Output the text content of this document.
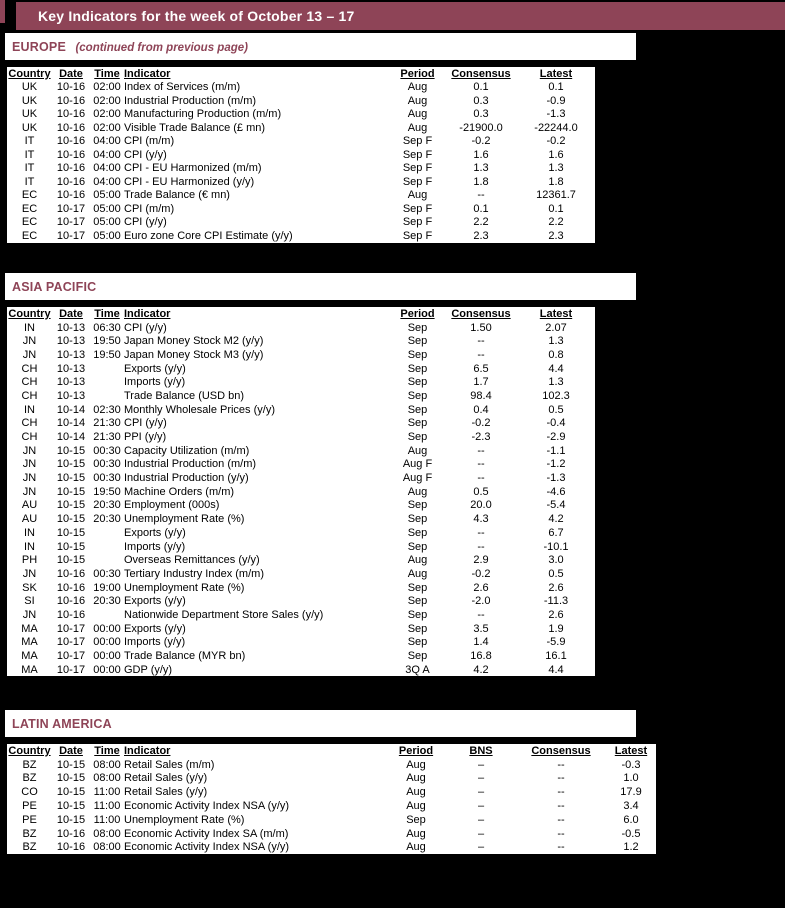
Key Indicators for the week of October 13 – 17
EUROPE (continued from previous page)
Country	Date	Time	Indicator	Period	Consensus	Latest
UK	10-16	02:00	Index of Services (m/m)	Aug	0.1	0.1
UK	10-16	02:00	Industrial Production (m/m)	Aug	0.3	-0.9
UK	10-16	02:00	Manufacturing Production (m/m)	Aug	0.3	-1.3
UK	10-16	02:00	Visible Trade Balance (£ mn)	Aug	-21900.0	-22244.0
IT	10-16	04:00	CPI (m/m)	Sep F	-0.2	-0.2
IT	10-16	04:00	CPI (y/y)	Sep F	1.6	1.6
IT	10-16	04:00	CPI - EU Harmonized (m/m)	Sep F	1.3	1.3
IT	10-16	04:00	CPI - EU Harmonized (y/y)	Sep F	1.8	1.8
EC	10-16	05:00	Trade Balance (€ mn)	Aug	--	12361.7
EC	10-17	05:00	CPI (m/m)	Sep F	0.1	0.1
EC	10-17	05:00	CPI (y/y)	Sep F	2.2	2.2
EC	10-17	05:00	Euro zone Core CPI Estimate (y/y)	Sep F	2.3	2.3
ASIA PACIFIC
Country	Date	Time	Indicator	Period	Consensus	Latest
IN	10-13	06:30	CPI (y/y)	Sep	1.50	2.07
JN	10-13	19:50	Japan Money Stock M2 (y/y)	Sep	--	1.3
JN	10-13	19:50	Japan Money Stock M3 (y/y)	Sep	--	0.8
CH	10-13		Exports (y/y)	Sep	6.5	4.4
CH	10-13		Imports (y/y)	Sep	1.7	1.3
CH	10-13		Trade Balance (USD bn)	Sep	98.4	102.3
IN	10-14	02:30	Monthly Wholesale Prices (y/y)	Sep	0.4	0.5
CH	10-14	21:30	CPI (y/y)	Sep	-0.2	-0.4
CH	10-14	21:30	PPI (y/y)	Sep	-2.3	-2.9
JN	10-15	00:30	Capacity Utilization (m/m)	Aug	--	-1.1
JN	10-15	00:30	Industrial Production (m/m)	Aug F	--	-1.2
JN	10-15	00:30	Industrial Production (y/y)	Aug F	--	-1.3
JN	10-15	19:50	Machine Orders (m/m)	Aug	0.5	-4.6
AU	10-15	20:30	Employment (000s)	Sep	20.0	-5.4
AU	10-15	20:30	Unemployment Rate (%)	Sep	4.3	4.2
IN	10-15		Exports (y/y)	Sep	--	6.7
IN	10-15		Imports (y/y)	Sep	--	-10.1
PH	10-15		Overseas Remittances (y/y)	Aug	2.9	3.0
JN	10-16	00:30	Tertiary Industry Index (m/m)	Aug	-0.2	0.5
SK	10-16	19:00	Unemployment Rate (%)	Sep	2.6	2.6
SI	10-16	20:30	Exports (y/y)	Sep	-2.0	-11.3
JN	10-16		Nationwide Department Store Sales (y/y)	Sep	--	2.6
MA	10-17	00:00	Exports (y/y)	Sep	3.5	1.9
MA	10-17	00:00	Imports (y/y)	Sep	1.4	-5.9
MA	10-17	00:00	Trade Balance (MYR bn)	Sep	16.8	16.1
MA	10-17	00:00	GDP (y/y)	3Q A	4.2	4.4
LATIN AMERICA
Country	Date	Time	Indicator	Period	BNS	Consensus	Latest
BZ	10-15	08:00	Retail Sales (m/m)	Aug	–	--	-0.3
BZ	10-15	08:00	Retail Sales (y/y)	Aug	–	--	1.0
CO	10-15	11:00	Retail Sales (y/y)	Aug	–	--	17.9
PE	10-15	11:00	Economic Activity Index NSA (y/y)	Aug	–	--	3.4
PE	10-15	11:00	Unemployment Rate (%)	Sep	–	--	6.0
BZ	10-16	08:00	Economic Activity Index SA (m/m)	Aug	–	--	-0.5
BZ	10-16	08:00	Economic Activity Index NSA (y/y)	Aug	–	--	1.2
